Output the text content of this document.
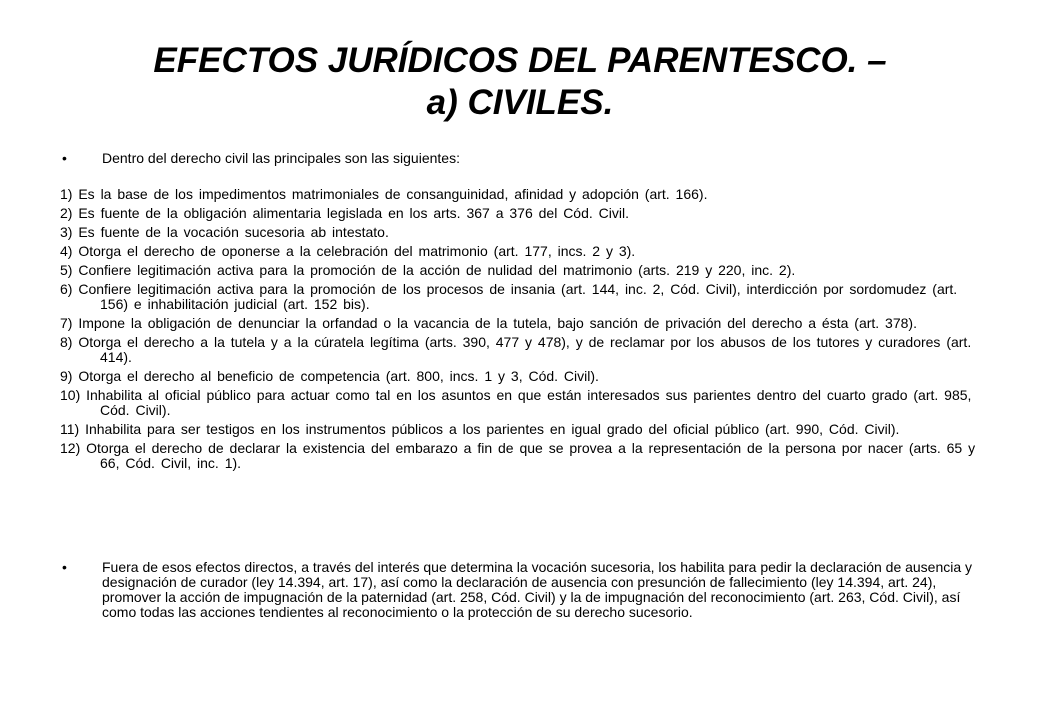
EFECTOS JURÍDICOS DEL PARENTESCO. –
a) CIVILES.
•	Dentro del derecho civil las principales son las siguientes:
1) Es la base de los impedimentos matrimoniales de consanguinidad, afinidad y adopción (art. 166).
2) Es fuente de la obligación alimentaria legislada en los arts. 367 a 376 del Cód. Civil.
3) Es fuente de la vocación sucesoria ab intestato.
4) Otorga el derecho de oponerse a la celebración del matrimonio (art. 177, incs. 2 y 3).
5) Confiere legitimación activa para la promoción de la acción de nulidad del matrimonio (arts. 219 y 220, inc. 2).
6) Confiere legitimación activa para la promoción de los procesos de insania (art. 144, inc. 2, Cód. Civil), interdicción por sordomudez (art. 156) e inhabilitación judicial (art. 152 bis).
7) Impone la obligación de denunciar la orfandad o la vacancia de la tutela, bajo sanción de privación del derecho a ésta (art. 378).
8) Otorga el derecho a la tutela y a la cúratela legítima (arts. 390, 477 y 478), y de reclamar por los abusos de los tutores y curadores (art. 414).
9) Otorga el derecho al beneficio de competencia (art. 800, incs. 1 y 3, Cód. Civil).
10) Inhabilita al oficial público para actuar como tal en los asuntos en que están interesados sus parientes dentro del cuarto grado (art. 985, Cód. Civil).
11) Inhabilita para ser testigos en los instrumentos públicos a los parientes en igual grado del oficial público (art. 990, Cód. Civil).
12) Otorga el derecho de declarar la existencia del embarazo a fin de que se provea a la representación de la persona por nacer (arts. 65 y 66, Cód. Civil, inc. 1).
•	Fuera de esos efectos directos, a través del interés que determina la vocación sucesoria, los habilita para pedir la declaración de ausencia y designación de curador (ley 14.394, art. 17), así como la declaración de ausencia con presunción de fallecimiento (ley 14.394, art. 24), promover la acción de impugnación de la paternidad (art. 258, Cód. Civil) y la de impugnación del reconocimiento (art. 263, Cód. Civil), así como todas las acciones tendientes al reconocimiento o la protección de su derecho sucesorio.
